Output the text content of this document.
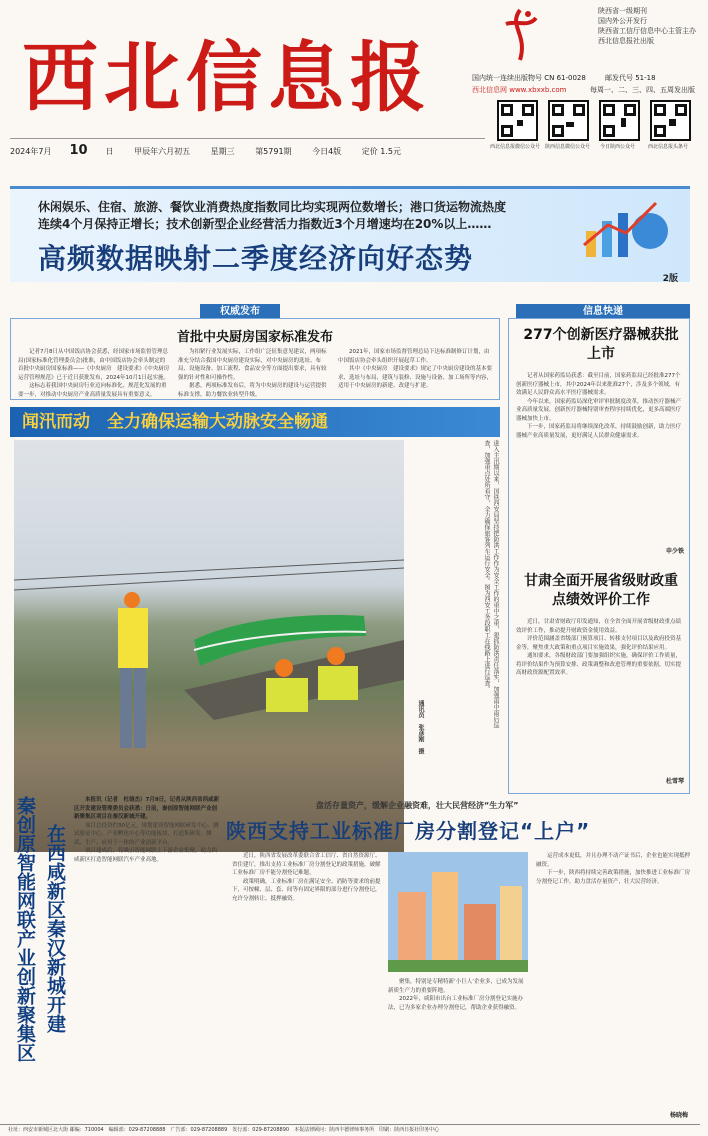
西北信息报
陕西省一级期刊
国内外公开发行
陕西省工信厅信息中心主管主办
西北信息报社出版
国内统一连续出版物号 CN 61-0028	邮发代号 51-18
西北信息网 www.xbxxb.com	每周一、二、三、四、五周发出版
西北信息报微信公众号 陕西信息微信公众号	今日陕西公众号	西北信息报头条号
2024年7月 10 日	甲辰年六月初五	星期三	第5791期	今日4版	定价 1.5元
休闲娱乐、住宿、旅游、餐饮业消费热度指数同比均实现两位数增长；港口货运物流热度
连续4个月保持正增长；技术创新型企业经营活力指数近3个月增速均在20%以上……
高频数据映射二季度经济向好态势
2版
权威发布
首批中央厨房国家标准发布

记者7月8日从中国饭店协会获悉，经国家市场监督管理总局(国家标准化管理委员会)批准，由中国饭店协会牵头制定的首批中央厨房国家标准——《中央厨房　建设要求》《中央厨房　运营管理规范》已于近日获批发布，2024年10月1日起实施。

这标志着我国中央厨房行业迈向标准化、规范化发展的重要一步，对推动中央厨房产业高质量发展具有重要意义。

为扣紧行业发展实际，工作组广泛征集意见建议，两项标准充分结合我国中央厨房建设实际，对中央厨房的选址、布局、设施设备、加工流程、食品安全等方面提出要求，具有较强的针对性和可操作性。

据悉，两项标准发布后，将为中央厨房的建设与运营提供标准支撑，助力餐饮业转型升级。

2021年，国家市场监督管理总局下达标准制修订计划，由中国饭店协会牵头组织开展起草工作。

其中《中央厨房　建设要求》规定了中央厨房建设的基本要求、选址与布局、建筑与装修、设施与设备、加工场所等内容，适用于中央厨房的新建、改建与扩建。

闻汛而动　全力确保运输大动脉安全畅通
进入主汛期以来，国铁西安局坚持把防洪工作作为安全工作的重中之重，狠抓防洪责任落实，加强雨中雨后巡查，加强重点处所看守，全力确保旅客列车运行安全。图为西安工务段职工在线路上进行巡查。
通讯员　张彦刚　摄
信息快递
277个创新医疗器械获批上市

记者从国家药监局获悉：截至目前，国家药监局已经批准277个创新医疗器械上市，其中2024年以来批准27个，涉及多个领域，有效满足人民群众高水平医疗器械需求。

今年以来，国家药监局深化审评审批制度改革，推动医疗器械产业高质量发展。创新医疗器械特别审查程序持续优化，更多高端医疗器械加快上市。

下一步，国家药监局将继续深化改革，持续鼓励创新，助力医疗器械产业高质量发展，更好满足人民群众健康需求。

申少铁
甘肃全面开展省级财政重点绩效评价工作

近日，甘肃省财政厅印发通知，在全省全面开展省级财政重点绩效评价工作，推动提升财政资金使用效益。

评价范围涵盖省级部门预算项目、转移支付项目以及政府投资基金等，聚焦重大政策和重点项目实施效果，强化评价结果应用。

通知要求，各级财政部门要加强组织实施，确保评价工作质量，将评价结果作为预算安排、政策调整和改进管理的重要依据，切实提高财政资源配置效率。

杜雪琴
秦创原智能网联产业创新聚集区 在西咸新区秦汉新城开建

本报讯（记者　杜镜杰）7月9日，记者从陕西省西咸新区开发建设管理委员会获悉：日前，秦创原智能网联产业创新聚集区项目在秦汉新城开建。

项目总投资约30亿元，规划建设智能网联研发中心、测试验证中心、产业孵化中心等功能板块，打造集研发、测试、生产、应用于一体的产业创新平台。

项目建成后，将吸引智能网联上下游企业集聚，助力西咸新区打造智能网联汽车产业高地。

盘活存量资产，缓解企业融资难，壮大民营经济“生力军”
陕西支持工业标准厂房分割登记“上户”

近日，陕西省发展改革委联合省工信厅、省自然资源厅、省住建厅，推出支持工业标准厂房分割登记的政策措施，破解工业标准厂房不能分割登记难题。

政策明确，工业标准厂房在满足安全、消防等要求的前提下，可按幢、层、套、间等有固定界限的部分进行分割登记，允许分割转让、抵押融资。

聚集，特别是专精特新‘小巨人’企业多，已成为发展新质生产力的重要阵地。

2022年，咸阳市出台工业标准厂房分割登记实施办法，已为多家企业办理分割登记，帮助企业获得融资。

运营成本更低，并且办理不动产证书后，企业也能实现抵押融资。

下一步，陕西将持续完善政策措施，加快推进工业标准厂房分割登记工作，助力盘活存量资产，壮大民营经济。

杨晓梅
社址：西安市新城区北大街 邮编：710004　编辑部：029-87208888　广告部：029-87208889　发行部：029-87208890　本报法律顾问：陕西丰德律师事务所　印刷：陕西日报社印务中心
